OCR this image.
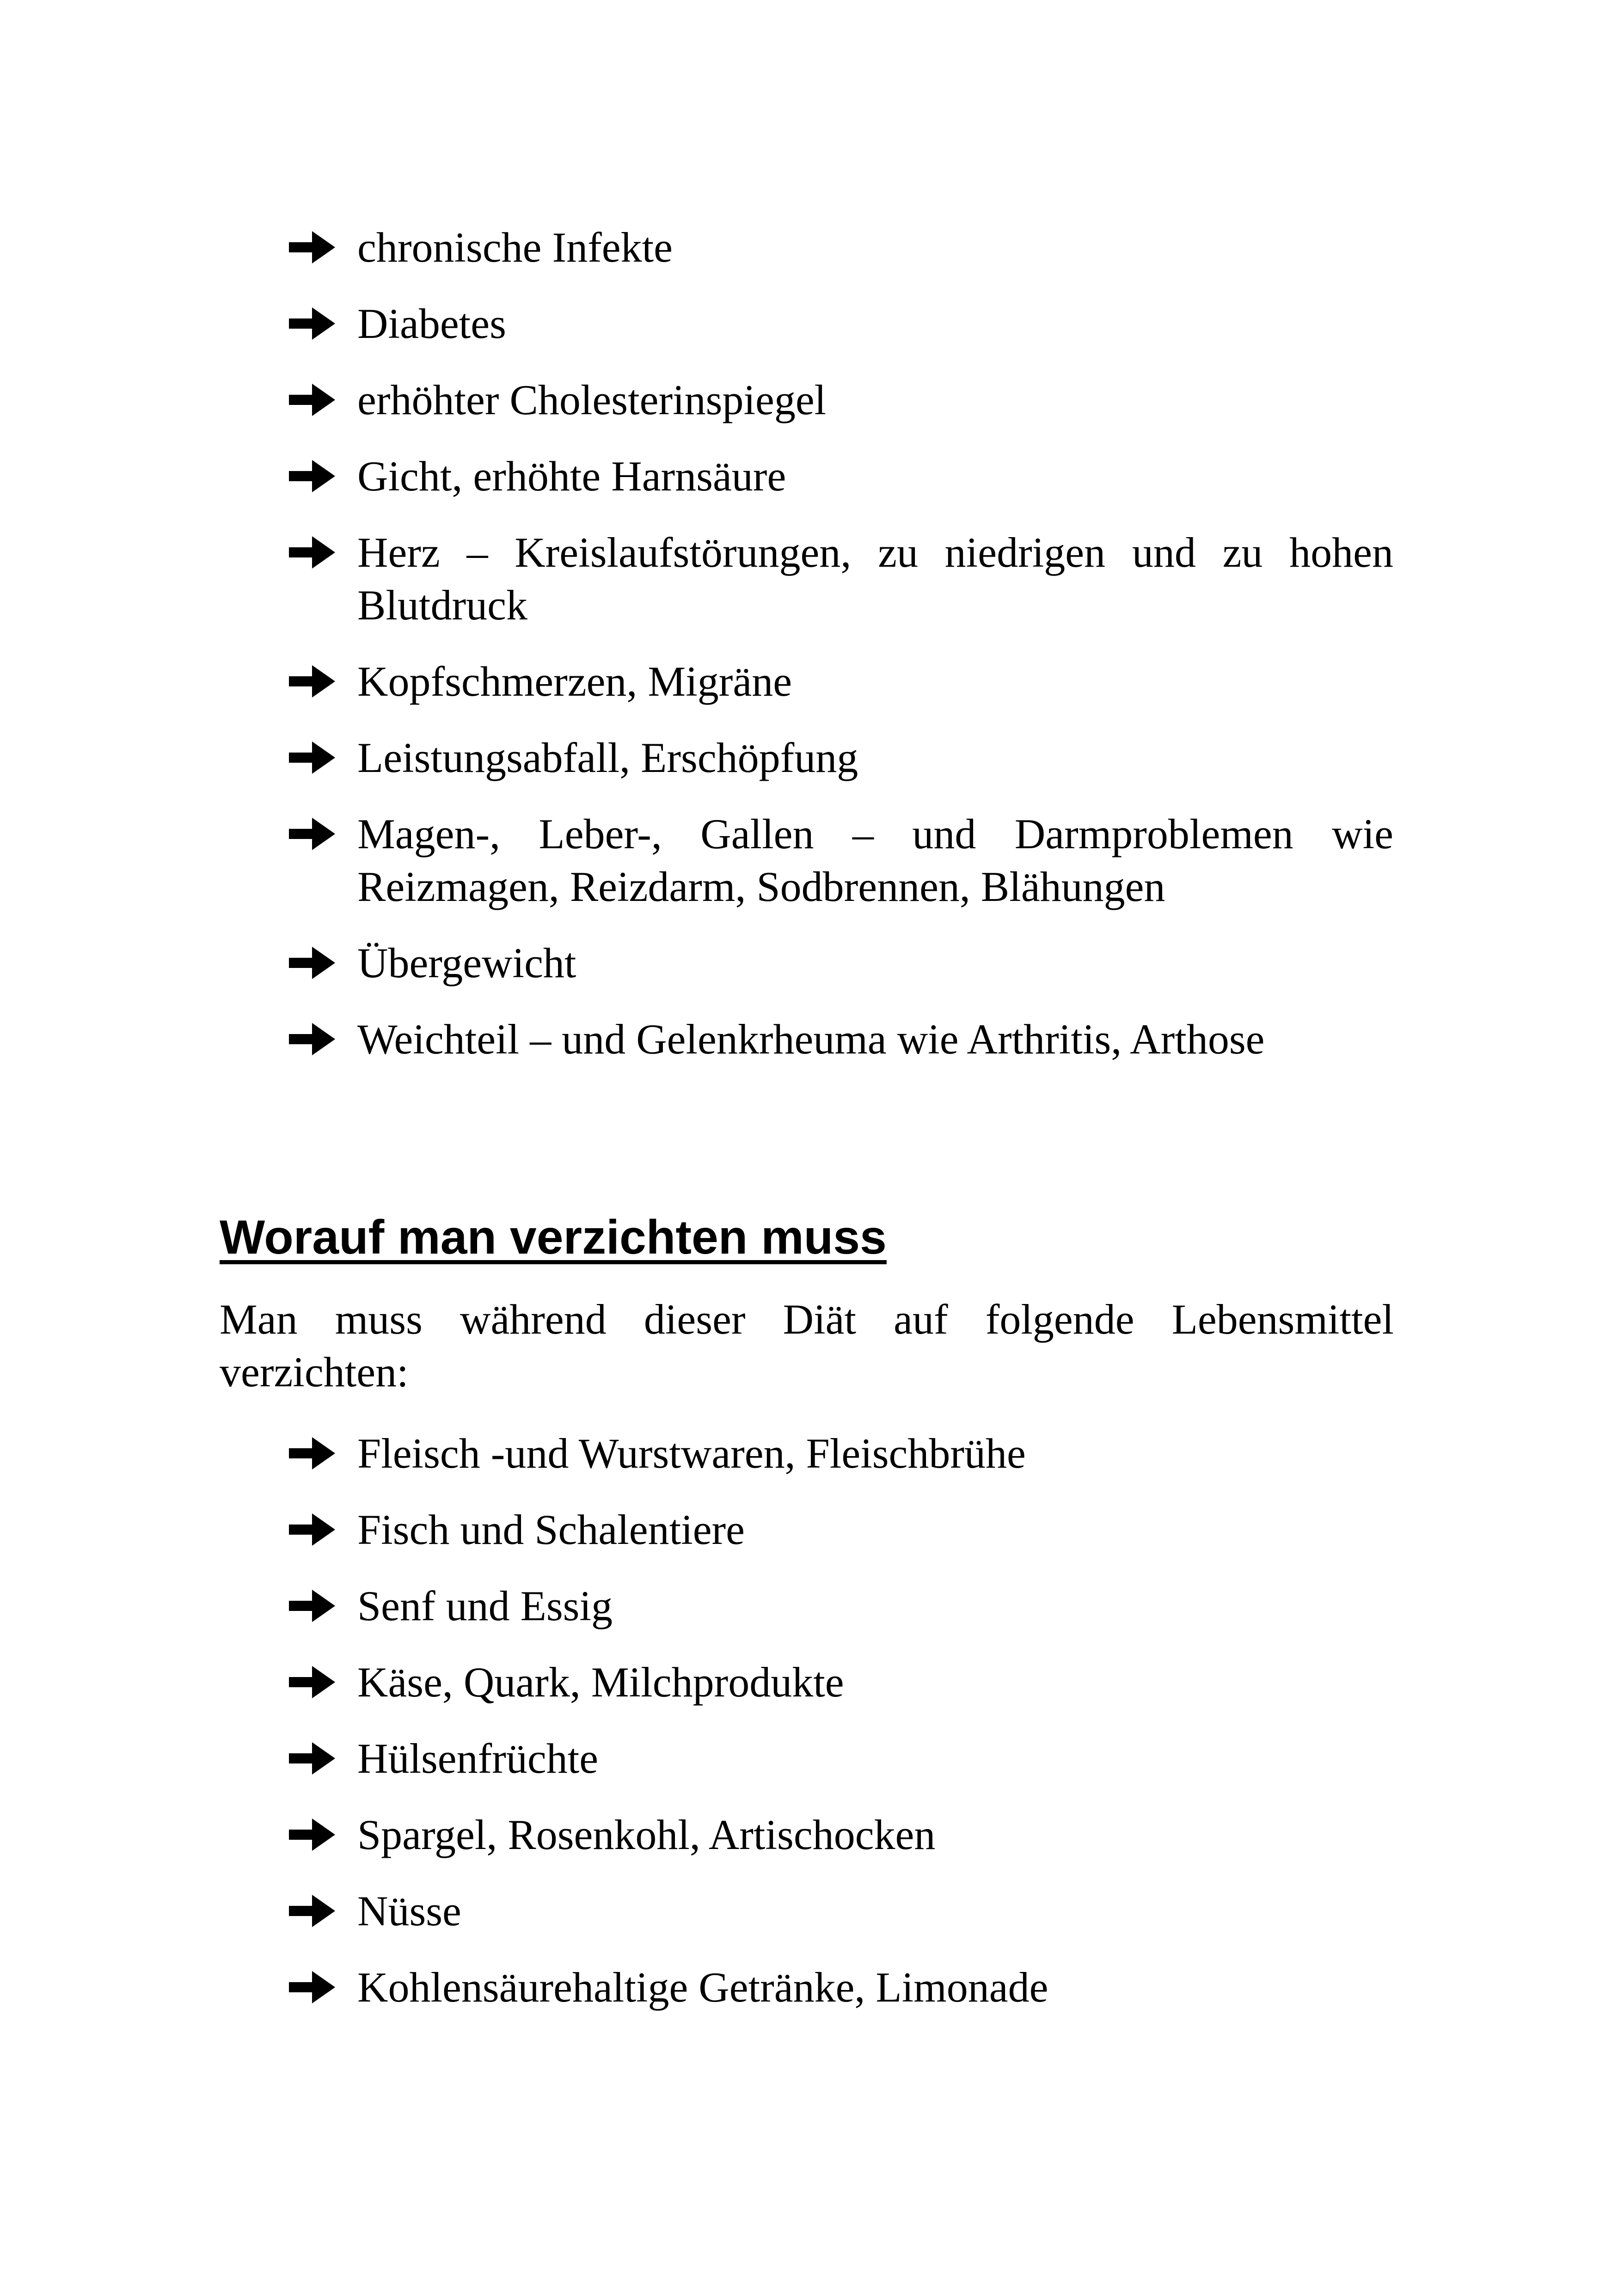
chronische Infekte
Diabetes
erhöhter Cholesterinspiegel
Gicht, erhöhte Harnsäure
Herz – Kreislaufstörungen, zu niedrigen und zu hohen Blutdruck
Kopfschmerzen, Migräne
Leistungsabfall, Erschöpfung
Magen-, Leber-, Gallen – und Darmproblemen wie Reizmagen, Reizdarm, Sodbrennen, Blähungen
Übergewicht
Weichteil – und Gelenkrheuma wie Arthritis, Arthose
Worauf man verzichten muss

Man muss während dieser Diät auf folgende Lebensmittel verzichten:

Fleisch -und Wurstwaren, Fleischbrühe
Fisch und Schalentiere
Senf und Essig
Käse, Quark, Milchprodukte
Hülsenfrüchte
Spargel, Rosenkohl, Artischocken
Nüsse
Kohlensäurehaltige Getränke, Limonade
